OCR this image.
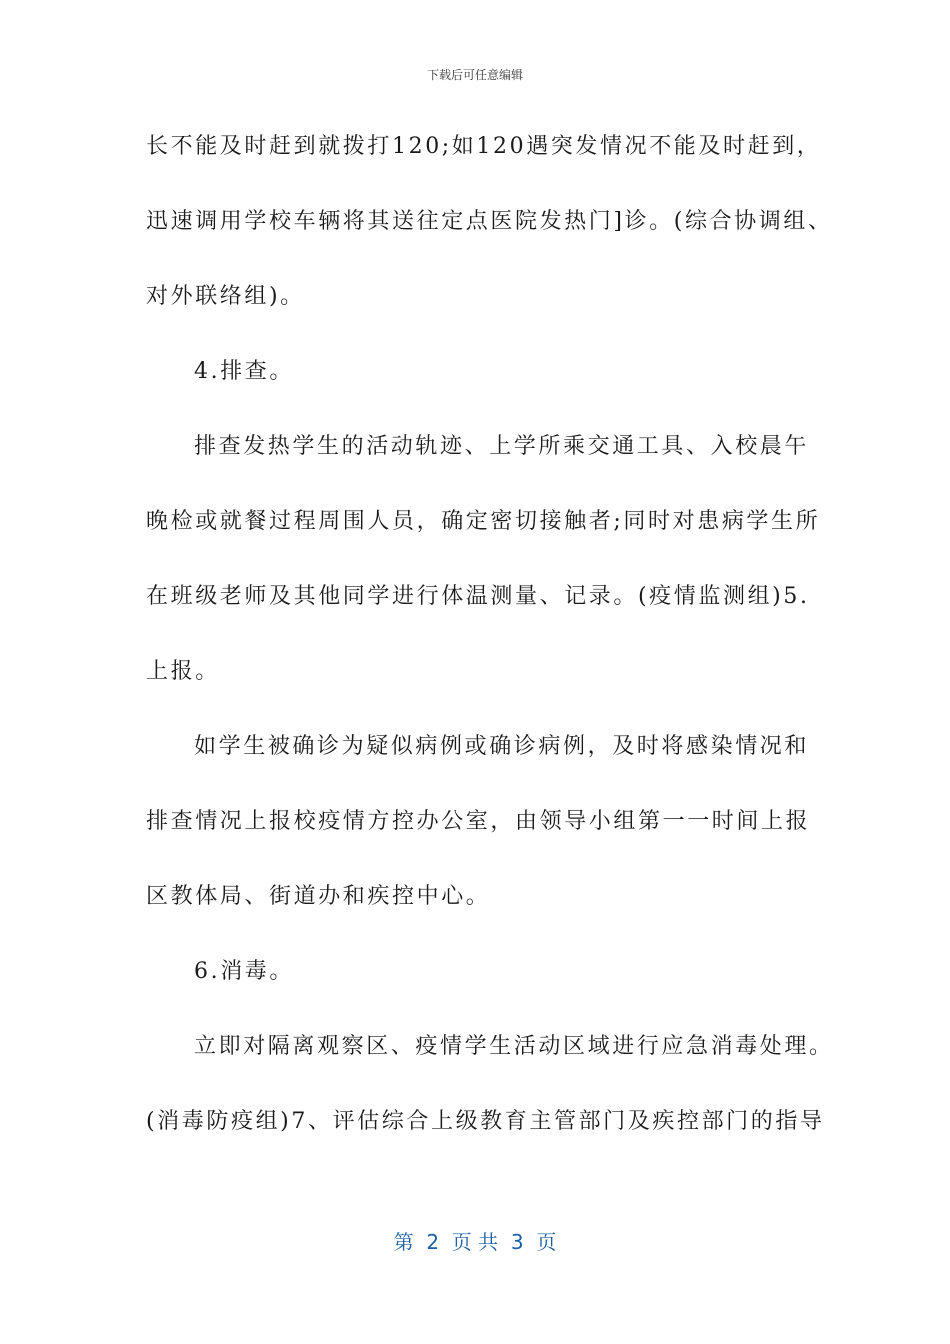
下载后可任意编辑
长不能及时赶到就拨打120;如120遇突发情况不能及时赶到，
迅速调用学校车辆将其送往定点医院发热门]诊。(综合协调组、
对外联络组)。
4.排查。
排查发热学生的活动轨迹、上学所乘交通工具、入校晨午
晚检或就餐过程周围人员，确定密切接触者;同时对患病学生所
在班级老师及其他同学进行体温测量、记录。(疫情监测组)5.
上报。
如学生被确诊为疑似病例或确诊病例，及时将感染情况和
排查情况上报校疫情方控办公室，由领导小组第一一时间上报
区教体局、街道办和疾控中心。
6.消毒。
立即对隔离观察区、疫情学生活动区域进行应急消毒处理。
(消毒防疫组)7、评估综合上级教育主管部门及疾控部门的指导
第  2  页 共  3  页
